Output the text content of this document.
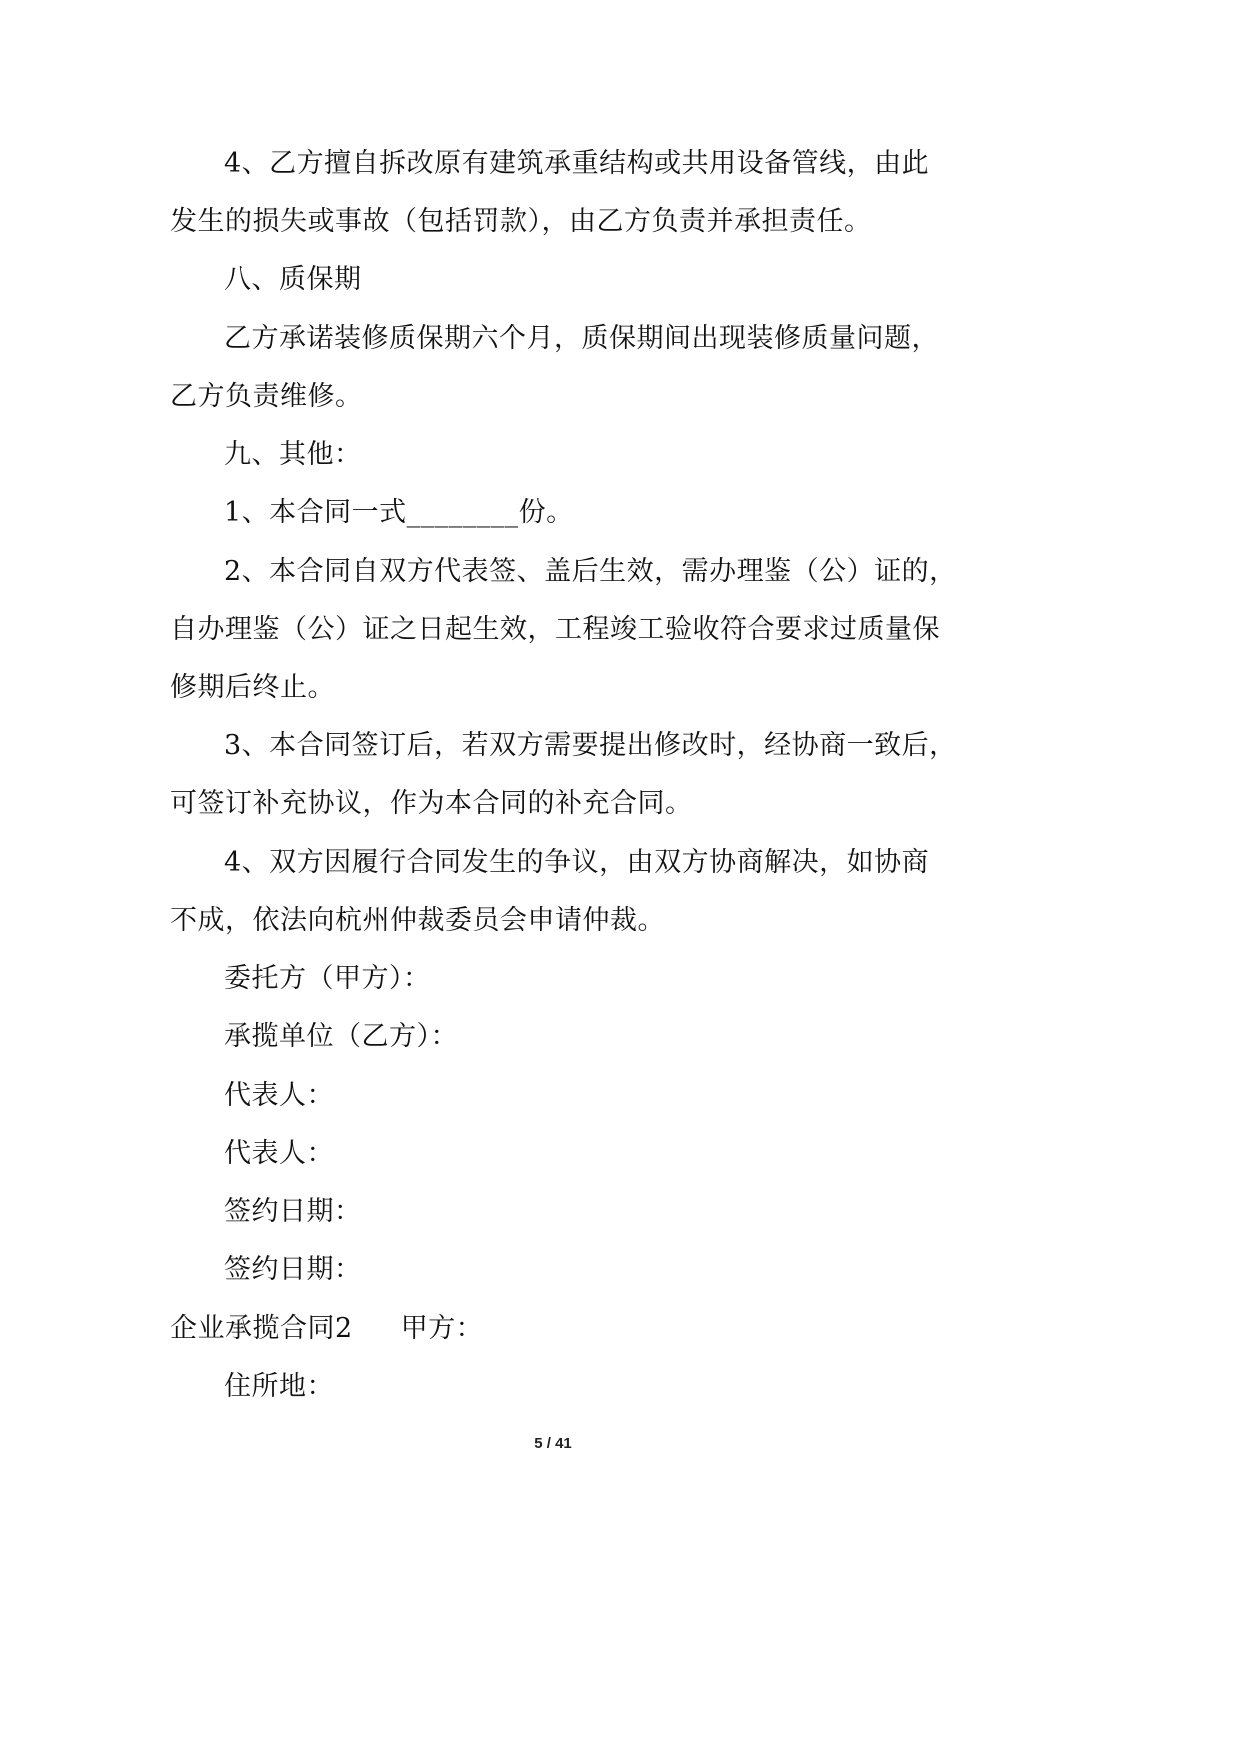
4、乙方擅自拆改原有建筑承重结构或共用设备管线，由此
发生的损失或事故（包括罚款），由乙方负责并承担责任。
八、质保期
乙方承诺装修质保期六个月，质保期间出现装修质量问题，
乙方负责维修。
九、其他：
1、本合同一式________份。
2、本合同自双方代表签、盖后生效，需办理鉴（公）证的，
自办理鉴（公）证之日起生效，工程竣工验收符合要求过质量保
修期后终止。
3、本合同签订后，若双方需要提出修改时，经协商一致后，
可签订补充协议，作为本合同的补充合同。
4、双方因履行合同发生的争议，由双方协商解决，如协商
不成，依法向杭州仲裁委员会申请仲裁。
委托方（甲方）：
承揽单位（乙方）：
代表人：
代表人：
签约日期：
签约日期：
企业承揽合同2 甲方：
住所地：
5 / 41
